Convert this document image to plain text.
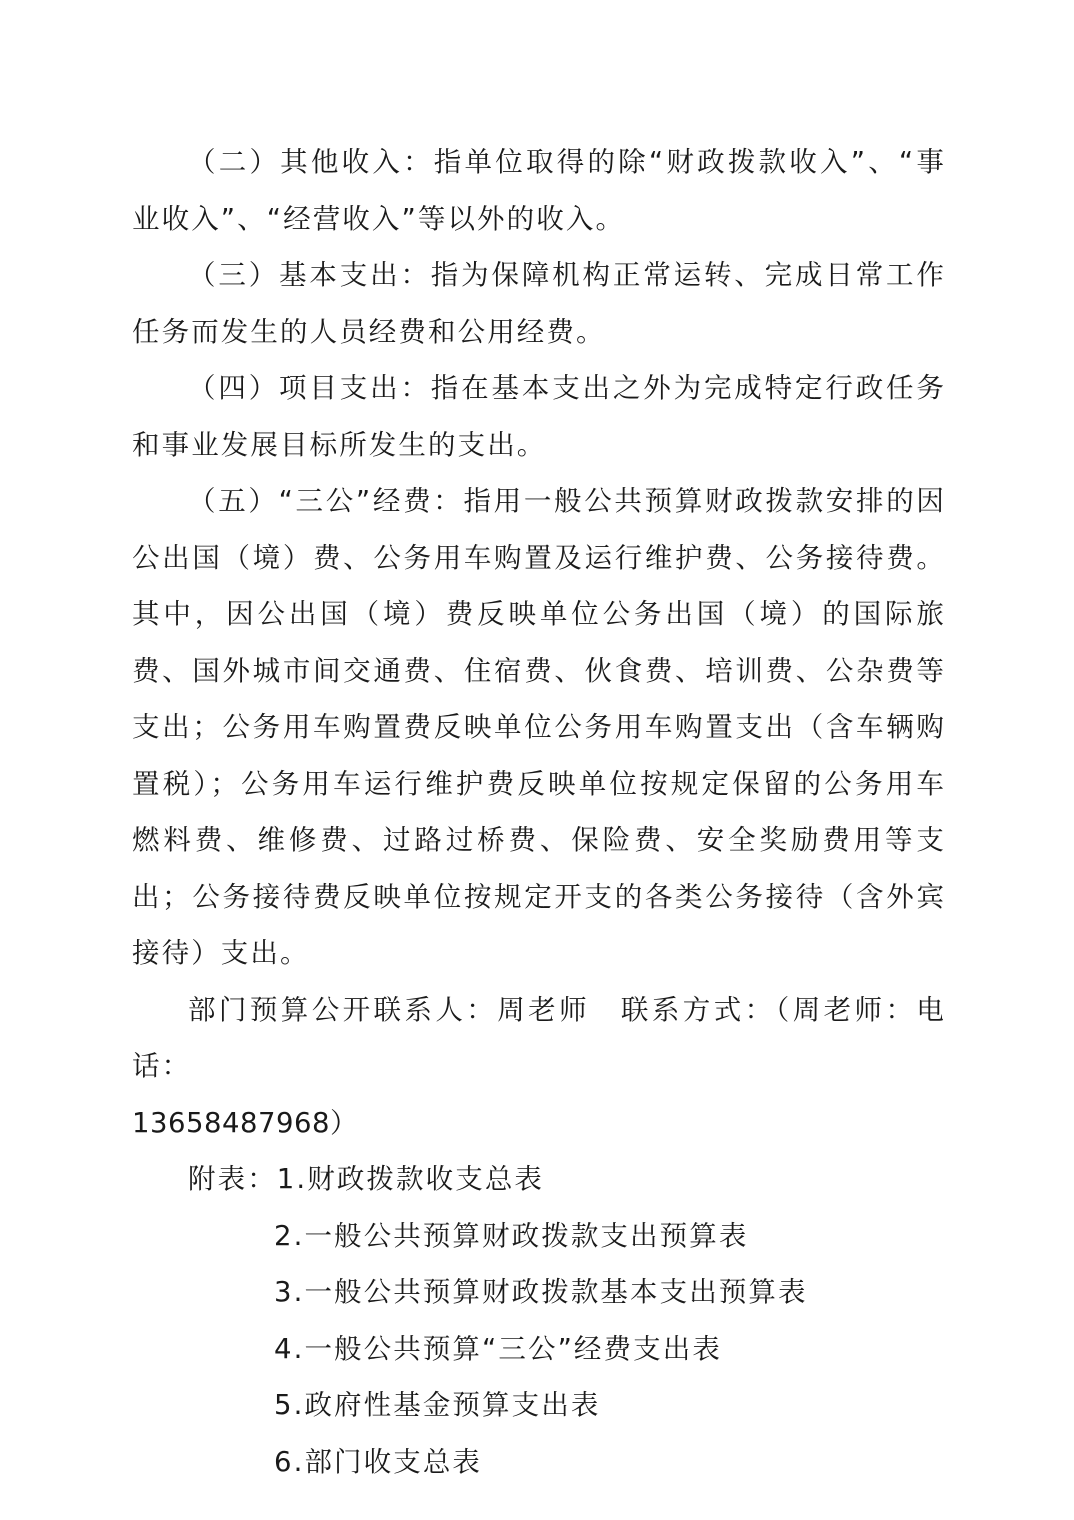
（二）其他收入：指单位取得的除“财政拨款收入”、“事业收入”、“经营收入”等以外的收入。

（三）基本支出：指为保障机构正常运转、完成日常工作任务而发生的人员经费和公用经费。

（四）项目支出：指在基本支出之外为完成特定行政任务和事业发展目标所发生的支出。

（五）“三公”经费：指用一般公共预算财政拨款安排的因公出国（境）费、公务用车购置及运行维护费、公务接待费。其中，因公出国（境）费反映单位公务出国（境）的国际旅费、国外城市间交通费、住宿费、伙食费、培训费、公杂费等支出；公务用车购置费反映单位公务用车购置支出（含车辆购置税）；公务用车运行维护费反映单位按规定保留的公务用车燃料费、维修费、过路过桥费、保险费、安全奖励费用等支出；公务接待费反映单位按规定开支的各类公务接待（含外宾接待）支出。

部门预算公开联系人：周老师　联系方式：（周老师：电话：
13658487968）

附表：1.财政拨款收支总表

2.一般公共预算财政拨款支出预算表

3.一般公共预算财政拨款基本支出预算表

4.一般公共预算“三公”经费支出表

5.政府性基金预算支出表

6.部门收支总表
